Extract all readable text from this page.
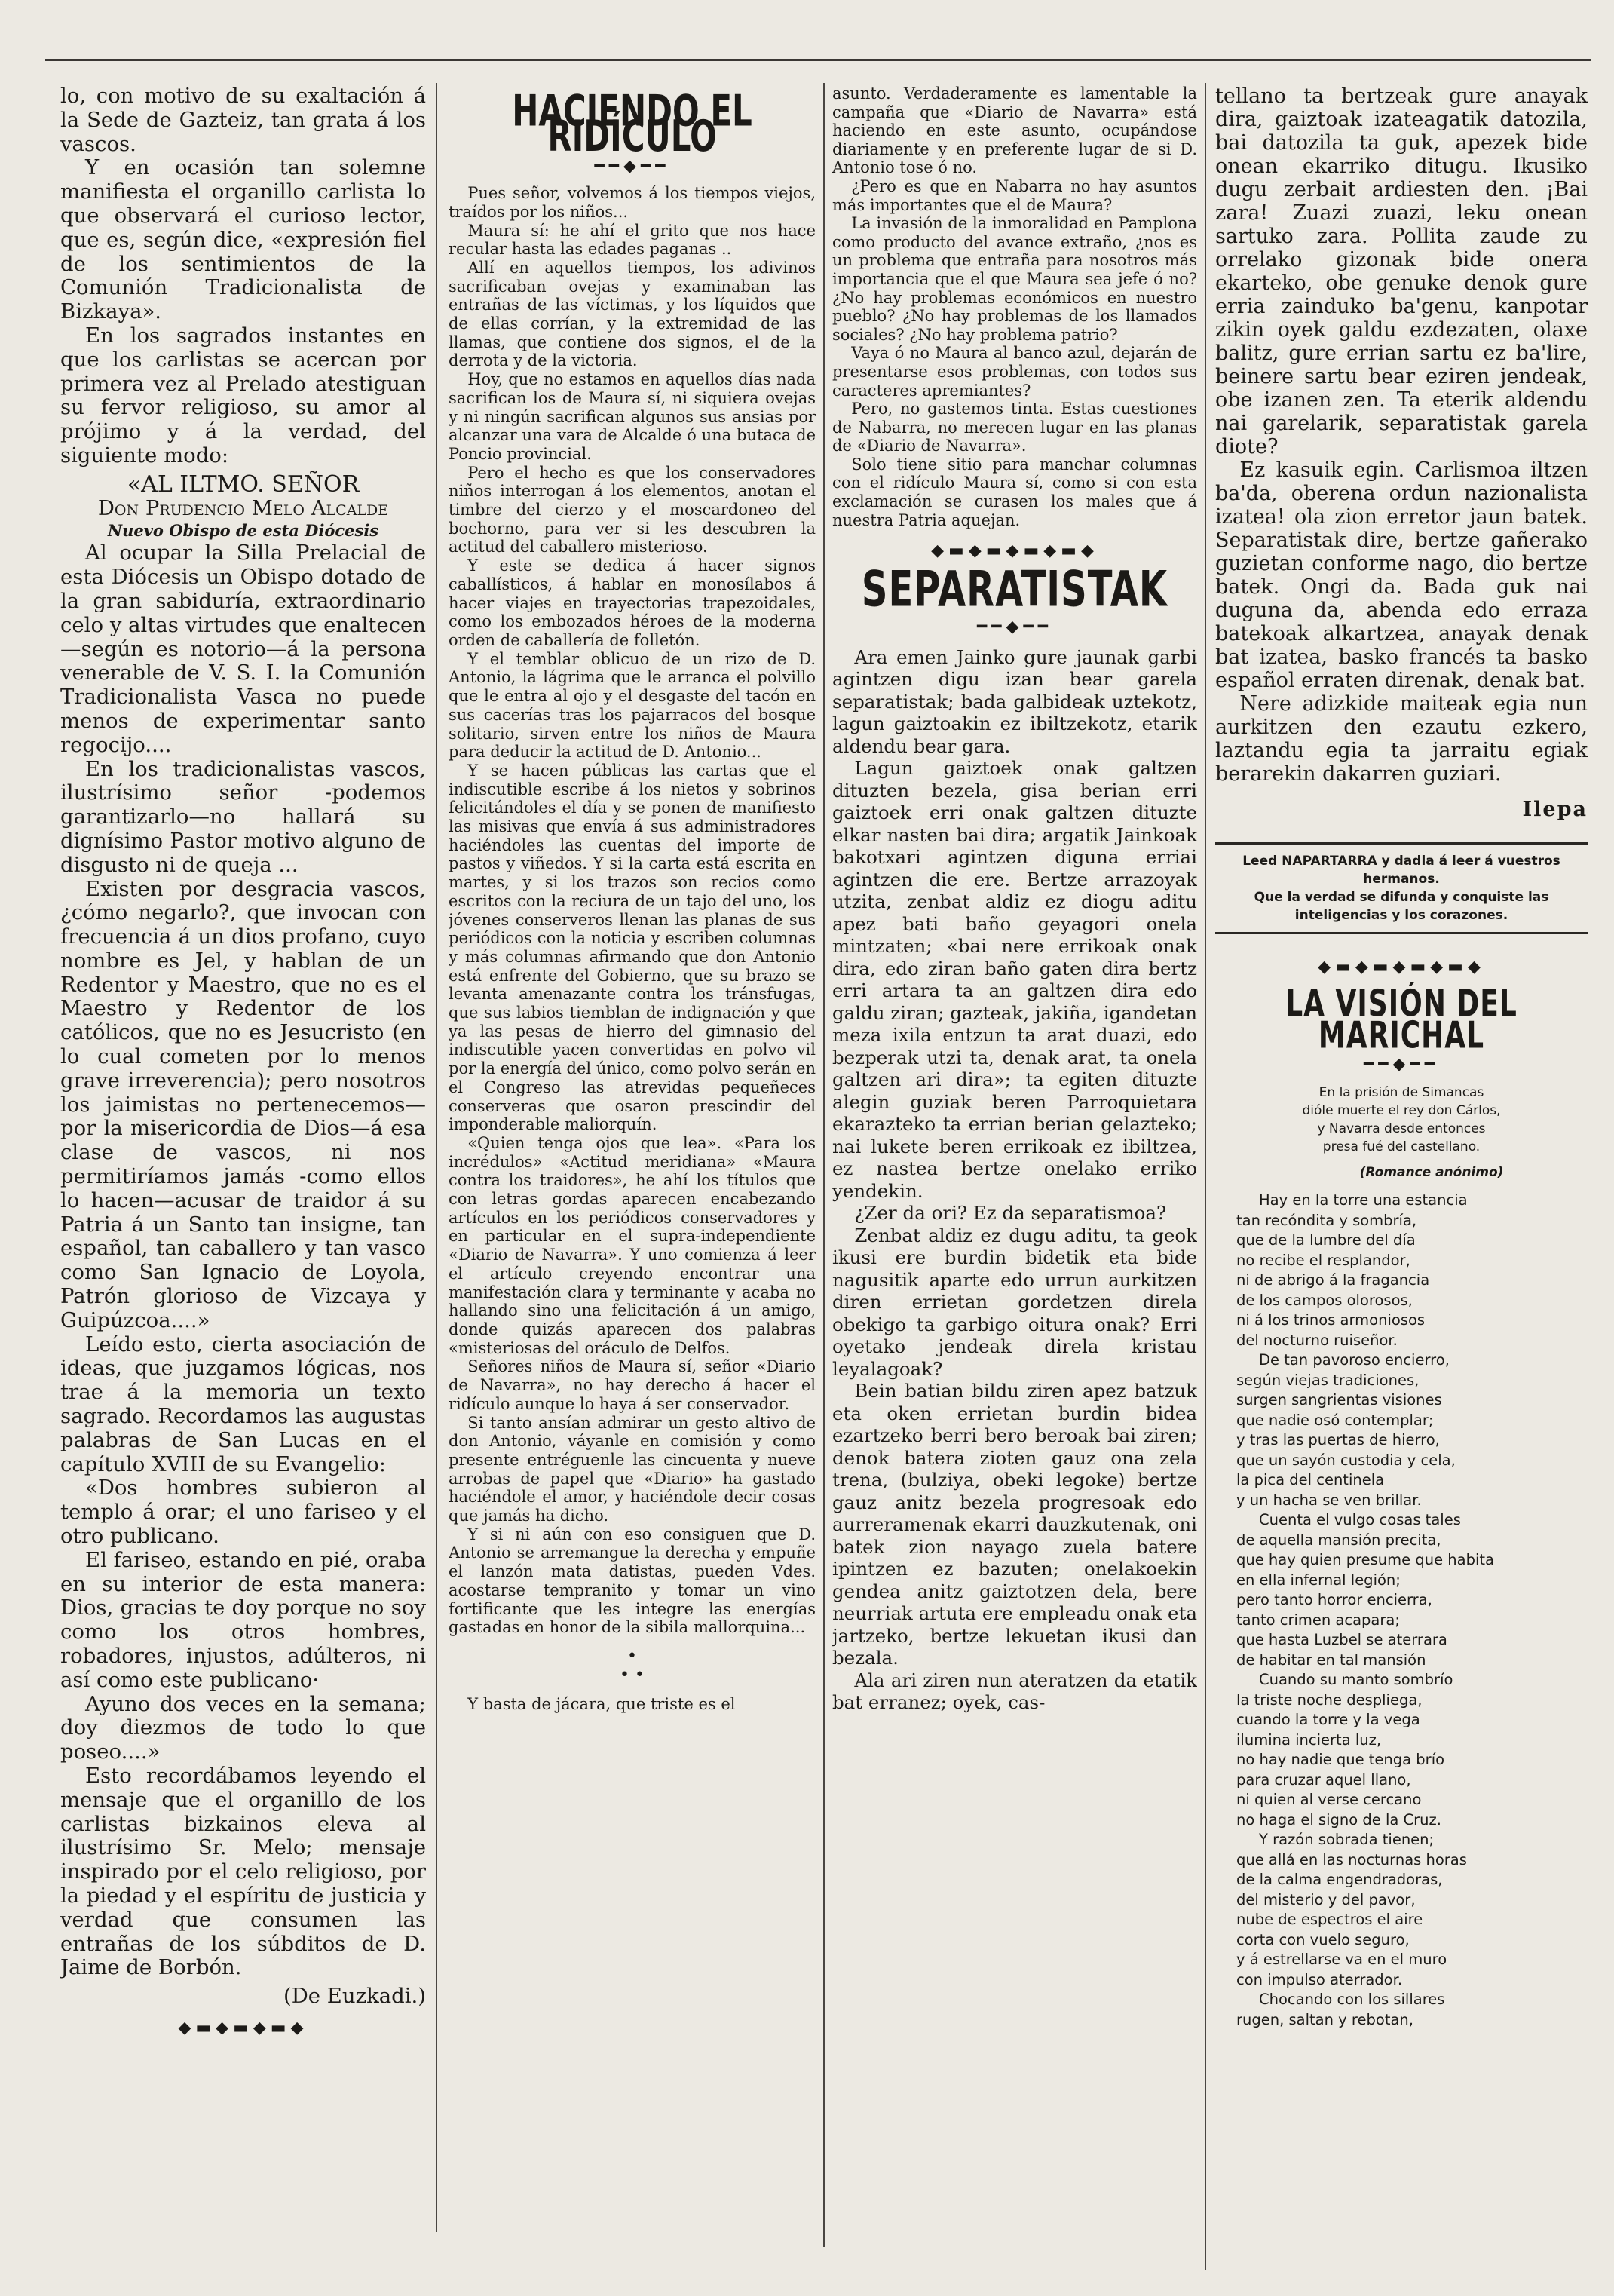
lo, con motivo de su exaltación á la Sede de Gazteiz, tan grata á los vascos.

Y en ocasión tan solemne manifiesta el organillo carlista lo que observará el curioso lector, que es, según dice, «expresión fiel de los sentimientos de la Comunión Tradicionalista de Bizkaya».

En los sagrados instantes en que los carlistas se acercan por primera vez al Prelado atestiguan su fervor religioso, su amor al prójimo y á la verdad, del siguiente modo:

«AL ILTMO. SEÑOR

Don Prudencio Melo Alcalde

Nuevo Obispo de esta Diócesis

Al ocupar la Silla Prelacial de esta Diócesis un Obispo dotado de la gran sabiduría, extraordinario celo y altas virtudes que enaltecen—según es notorio—á la persona venerable de V. S. I. la Comunión Tradicionalista Vasca no puede menos de experimentar santo regocijo....

En los tradicionalistas vascos, ilustrísimo señor -podemos garantizarlo—no hallará su dignísimo Pastor motivo alguno de disgusto ni de queja ...

Existen por desgracia vascos, ¿cómo negarlo?, que invocan con frecuencia á un dios profano, cuyo nombre es Jel, y hablan de un Redentor y Maestro, que no es el Maestro y Redentor de los católicos, que no es Jesucristo (en lo cual cometen por lo menos grave irreverencia); pero nosotros los jaimistas no pertenecemos—por la misericordia de Dios—á esa clase de vascos, ni nos permitiríamos jamás -como ellos lo hacen—acusar de traidor á su Patria á un Santo tan insigne, tan español, tan caballero y tan vasco como San Ignacio de Loyola, Patrón glorioso de Vizcaya y Guipúzcoa....»

Leído esto, cierta asociación de ideas, que juzgamos lógicas, nos trae á la memoria un texto sagrado. Recordamos las augustas palabras de San Lucas en el capítulo XVIII de su Evangelio:

«Dos hombres subieron al templo á orar; el uno fariseo y el otro publicano.

El fariseo, estando en pié, oraba en su interior de esta manera: Dios, gracias te doy porque no soy como los otros hombres, robadores, injustos, adúlteros, ni así como este publicano·

Ayuno dos veces en la semana; doy diezmos de todo lo que poseo....»

Esto recordábamos leyendo el mensaje que el organillo de los carlistas bizkainos eleva al ilustrísimo Sr. Melo; mensaje inspirado por el celo religioso, por la piedad y el espíritu de justicia y verdad que consumen las entrañas de los súbditos de D. Jaime de Borbón.

(De Euzkadi.)

◆▬◆▬◆▬◆
HACIENDO EL RIDÍCULO
━━◆━━

Pues señor, volvemos á los tiempos viejos, traídos por los niños...

Maura sí: he ahí el grito que nos hace recular hasta las edades paganas ..

Allí en aquellos tiempos, los adivinos sacrificaban ovejas y examinaban las entrañas de las víctimas, y los líquidos que de ellas corrían, y la extremidad de las llamas, que contiene dos signos, el de la derrota y de la victoria.

Hoy, que no estamos en aquellos días nada sacrifican los de Maura sí, ni siquiera ovejas y ni ningún sacrifican algunos sus ansias por alcanzar una vara de Alcalde ó una butaca de Poncio provincial.

Pero el hecho es que los conservadores niños interrogan á los elementos, anotan el timbre del cierzo y el moscardoneo del bochorno, para ver si les descubren la actitud del caballero misterioso.

Y este se dedica á hacer signos caballísticos, á hablar en monosílabos á hacer viajes en trayectorias trapezoidales, como los embozados héroes de la moderna orden de caballería de folletón.

Y el temblar oblicuo de un rizo de D. Antonio, la lágrima que le arranca el polvillo que le entra al ojo y el desgaste del tacón en sus cacerías tras los pajarracos del bosque solitario, sirven entre los niños de Maura para deducir la actitud de D. Antonio...

Y se hacen públicas las cartas que el indiscutible escribe á los nietos y sobrinos felicitándoles el día y se ponen de manifiesto las misivas que envía á sus administradores haciéndoles las cuentas del importe de pastos y viñedos. Y si la carta está escrita en martes, y si los trazos son recios como escritos con la reciura de un tajo del uno, los jóvenes conserveros llenan las planas de sus periódicos con la noticia y escriben columnas y más columnas afirmando que don Antonio está enfrente del Gobierno, que su brazo se levanta amenazante contra los tránsfugas, que sus labios tiemblan de indignación y que ya las pesas de hierro del gimnasio del indiscutible yacen convertidas en polvo vil por la energía del único, como polvo serán en el Congreso las atrevidas pequeñeces conserveras que osaron prescindir del imponderable maliorquín.

«Quien tenga ojos que lea». «Para los incrédulos» «Actitud meridiana» «Maura contra los traidores», he ahí los títulos que con letras gordas aparecen encabezando artículos en los periódicos conservadores y en particular en el supra-independiente «Diario de Navarra». Y uno comienza á leer el artículo creyendo encontrar una manifestación clara y terminante y acaba no hallando sino una felicitación á un amigo, donde quizás aparecen dos palabras «misteriosas del oráculo de Delfos.

Señores niños de Maura sí, señor «Diario de Navarra», no hay derecho á hacer el ridículo aunque lo haya á ser conservador.

Si tanto ansían admirar un gesto altivo de don Antonio, váyanle en comisión y como presente entréguenle las cincuenta y nueve arrobas de papel que «Diario» ha gastado haciéndole el amor, y haciéndole decir cosas que jamás ha dicho.

Y si ni aún con eso consiguen que D. Antonio se arremangue la derecha y empuñe el lanzón mata datistas, pueden Vdes. acostarse tempranito y tomar un vino fortificante que les integre las energías gastadas en honor de la sibila mallorquina...

•
• •

Y basta de jácara, que triste es el

asunto. Verdaderamente es lamentable la campaña que «Diario de Navarra» está haciendo en este asunto, ocupándose diariamente y en preferente lugar de si D. Antonio tose ó no.

¿Pero es que en Nabarra no hay asuntos más importantes que el de Maura?

La invasión de la inmoralidad en Pamplona como producto del avance extraño, ¿nos es un problema que entraña para nosotros más importancia que el que Maura sea jefe ó no? ¿No hay problemas económicos en nuestro pueblo? ¿No hay problemas de los llamados sociales? ¿No hay problema patrio?

Vaya ó no Maura al banco azul, dejarán de presentarse esos problemas, con todos sus caracteres apremiantes?

Pero, no gastemos tinta. Estas cuestiones de Nabarra, no merecen lugar en las planas de «Diario de Navarra».

Solo tiene sitio para manchar columnas con el ridículo Maura sí, como si con esta exclamación se curasen los males que á nuestra Patria aquejan.

◆▬◆▬◆▬◆▬◆
SEPARATISTAK
━━◆━━

Ara emen Jainko gure jaunak garbi agintzen digu izan bear garela separatistak; bada galbideak uztekotz, lagun gaiztoakin ez ibiltzekotz, etarik aldendu bear gara.

Lagun gaiztoek onak galtzen dituzten bezela, gisa berian erri gaiztoek erri onak galtzen dituzte elkar nasten bai dira; argatik Jainkoak bakotxari agintzen diguna erriai agintzen die ere. Bertze arrazoyak utzita, zenbat aldiz ez diogu aditu apez bati baño geyagori onela mintzaten; «bai nere errikoak onak dira, edo ziran baño gaten dira bertz erri artara ta an galtzen dira edo galdu ziran; gazteak, jakiña, igandetan meza ixila entzun ta arat duazi, edo bezperak utzi ta, denak arat, ta onela galtzen ari dira»; ta egiten dituzte alegin guziak beren Parroquietara ekarazteko ta errian berian gelazteko; nai lukete beren errikoak ez ibiltzea, ez nastea bertze onelako erriko yendekin.

¿Zer da ori? Ez da separatismoa?

Zenbat aldiz ez dugu aditu, ta geok ikusi ere burdin bidetik eta bide nagusitik aparte edo urrun aurkitzen diren errietan gordetzen direla obekigo ta garbigo oitura onak? Erri oyetako jendeak direla kristau leyalagoak?

Bein batian bildu ziren apez batzuk eta oken errietan burdin bidea ezartzeko berri bero beroak bai ziren; denok batera zioten gauz ona zela trena, (bulziya, obeki legoke) bertze gauz anitz bezela progresoak edo aurreramenak ekarri dauzkutenak, oni batek zion nayago zuela batere ipintzen ez bazuten; onelakoekin gendea anitz gaiztotzen dela, bere neurriak artuta ere empleadu onak eta jartzeko, bertze lekuetan ikusi dan bezala.

Ala ari ziren nun ateratzen da etatik bat erranez; oyek, cas-

tellano ta bertzeak gure anayak dira, gaiztoak izateagatik datozila, bai datozila ta guk, apezek bide onean ekarriko ditugu. Ikusiko dugu zerbait ardiesten den. ¡Bai zara! Zuazi zuazi, leku onean sartuko zara. Pollita zaude zu orrelako gizonak bide onera ekarteko, obe genuke denok gure erria zainduko ba'genu, kanpotar zikin oyek galdu ezdezaten, olaxe balitz, gure errian sartu ez ba'lire, beinere sartu bear eziren jendeak, obe izanen zen. Ta eterik aldendu nai garelarik, separatistak garela diote?

Ez kasuik egin. Carlismoa iltzen ba'da, oberena ordun nazionalista izatea! ola zion erretor jaun batek. Separatistak dire, bertze gañerako guzietan conforme nago, dio bertze batek. Ongi da. Bada guk nai duguna da, abenda edo erraza batekoak alkartzea, anayak denak bat izatea, basko francés ta basko español erraten direnak, denak bat.

Nere adizkide maiteak egia nun aurkitzen den ezautu ezkero, laztandu egia ta jarraitu egiak berarekin dakarren guziari.

Ilepa

Leed NAPARTARRA y dadla á leer á vuestros hermanos.
Que la verdad se difunda y conquiste las inteligencias y los corazones.
◆▬◆▬◆▬◆▬◆
LA VISIÓN DEL MARICHAL
━━◆━━

En la prisión de Simancas

dióle muerte el rey don Cárlos,

y Navarra desde entonces

presa fué del castellano.

(Romance anónimo)

Hay en la torre una estancia
tan recóndita y sombría,
que de la lumbre del día
no recibe el resplandor,
ni de abrigo á la fragancia
de los campos olorosos,
ni á los trinos armoniosos
del nocturno ruiseñor.
De tan pavoroso encierro,
según viejas tradiciones,
surgen sangrientas visiones
que nadie osó contemplar;
y tras las puertas de hierro,
que un sayón custodia y cela,
la pica del centinela
y un hacha se ven brillar.
Cuenta el vulgo cosas tales
de aquella mansión precita,
que hay quien presume que habita
en ella infernal legión;
pero tanto horror encierra,
tanto crimen acapara;
que hasta Luzbel se aterrara
de habitar en tal mansión
Cuando su manto sombrío
la triste noche despliega,
cuando la torre y la vega
ilumina incierta luz,
no hay nadie que tenga brío
para cruzar aquel llano,
ni quien al verse cercano
no haga el signo de la Cruz.
Y razón sobrada tienen;
que allá en las nocturnas horas
de la calma engendradoras,
del misterio y del pavor,
nube de espectros el aire
corta con vuelo seguro,
y á estrellarse va en el muro
con impulso aterrador.
Chocando con los sillares
rugen, saltan y rebotan,
